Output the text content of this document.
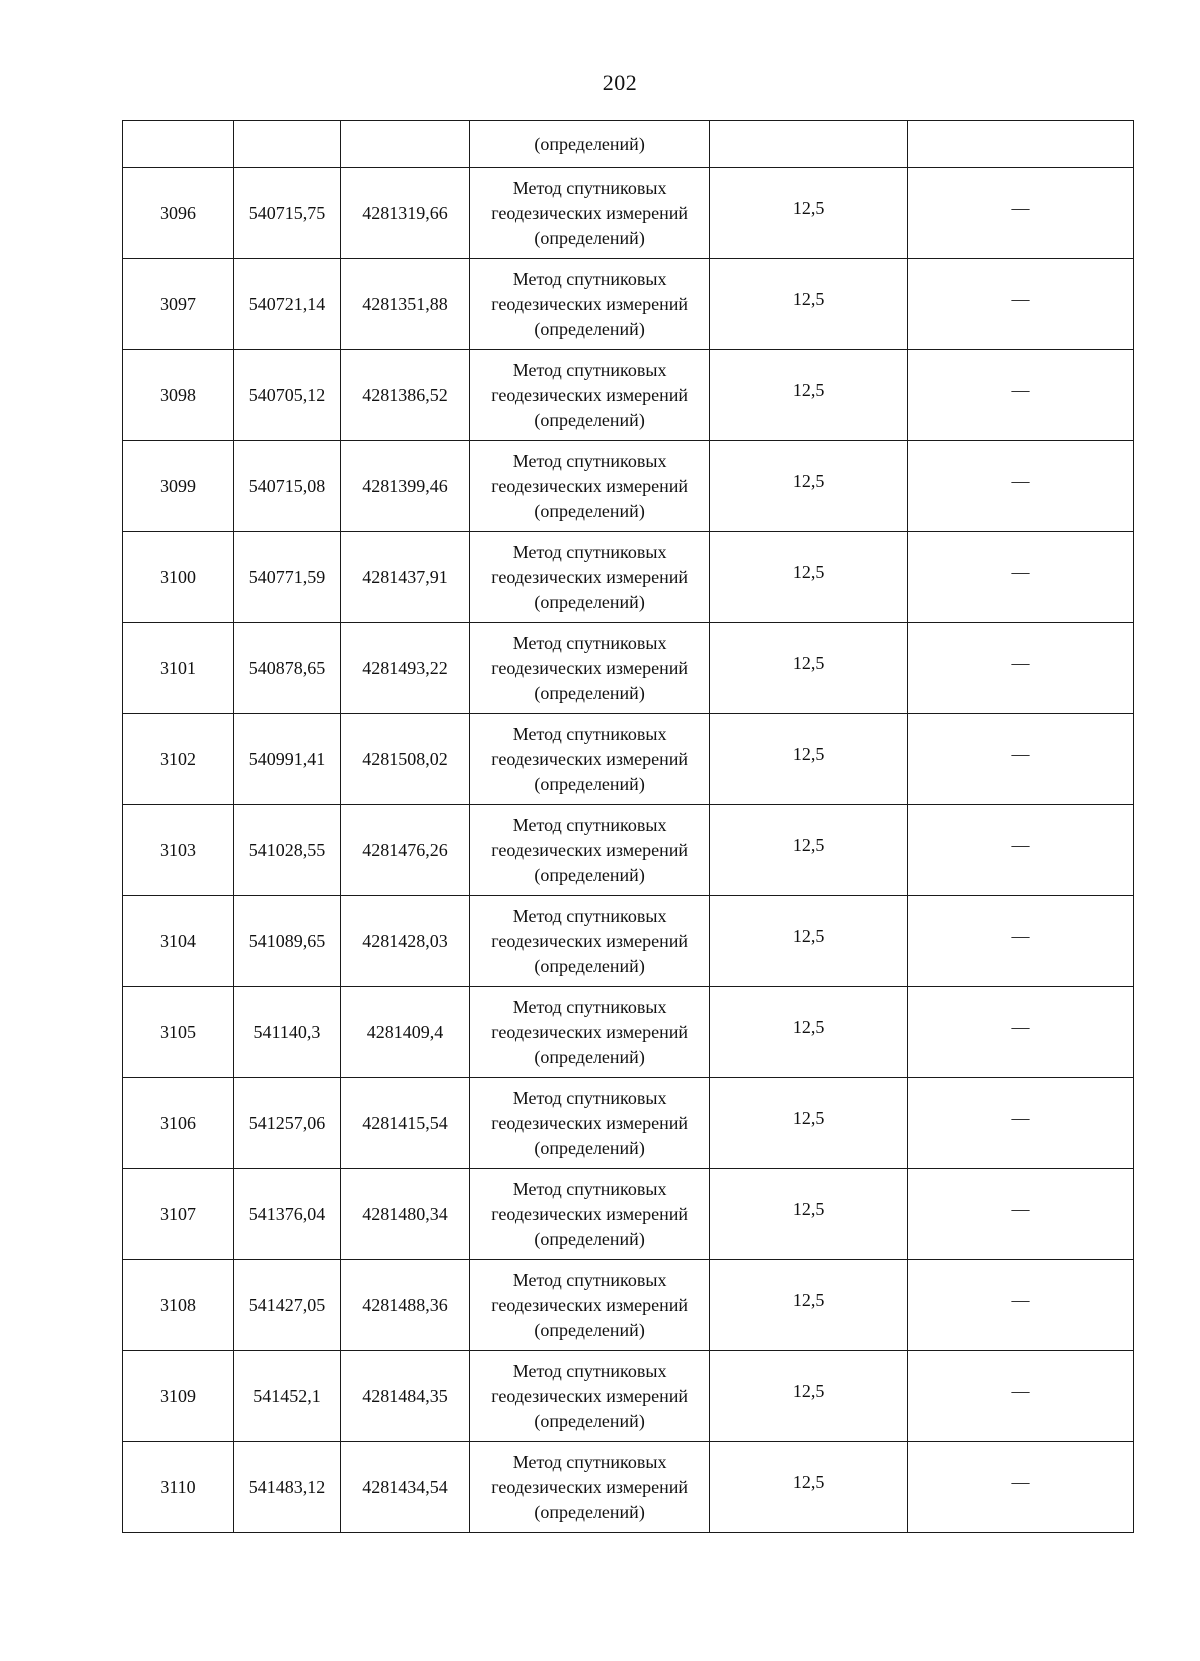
202
			(определений)		
3096	540715,75	4281319,66	Метод спутниковых
геодезических измерений
(определений)	12,5	—
3097	540721,14	4281351,88	Метод спутниковых
геодезических измерений
(определений)	12,5	—
3098	540705,12	4281386,52	Метод спутниковых
геодезических измерений
(определений)	12,5	—
3099	540715,08	4281399,46	Метод спутниковых
геодезических измерений
(определений)	12,5	—
3100	540771,59	4281437,91	Метод спутниковых
геодезических измерений
(определений)	12,5	—
3101	540878,65	4281493,22	Метод спутниковых
геодезических измерений
(определений)	12,5	—
3102	540991,41	4281508,02	Метод спутниковых
геодезических измерений
(определений)	12,5	—
3103	541028,55	4281476,26	Метод спутниковых
геодезических измерений
(определений)	12,5	—
3104	541089,65	4281428,03	Метод спутниковых
геодезических измерений
(определений)	12,5	—
3105	541140,3	4281409,4	Метод спутниковых
геодезических измерений
(определений)	12,5	—
3106	541257,06	4281415,54	Метод спутниковых
геодезических измерений
(определений)	12,5	—
3107	541376,04	4281480,34	Метод спутниковых
геодезических измерений
(определений)	12,5	—
3108	541427,05	4281488,36	Метод спутниковых
геодезических измерений
(определений)	12,5	—
3109	541452,1	4281484,35	Метод спутниковых
геодезических измерений
(определений)	12,5	—
3110	541483,12	4281434,54	Метод спутниковых
геодезических измерений
(определений)	12,5	—
